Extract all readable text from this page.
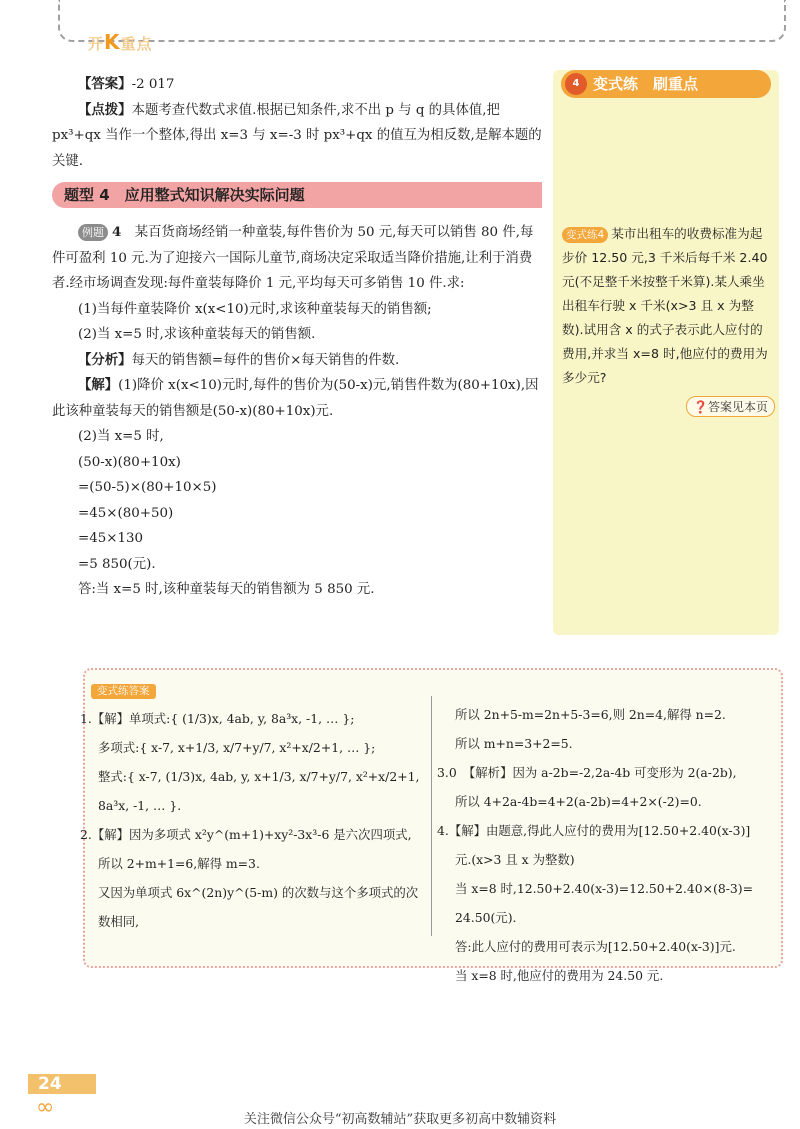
开K重点

【答案】-2 017

【点拨】本题考查代数式求值.根据已知条件,求不出 p 与 q 的具体值,把 px³+qx 当作一个整体,得出 x=3 与 x=-3 时 px³+qx 的值互为相反数,是解本题的关键.

题型 4　应用整式知识解决实际问题

例题 4　 某百货商场经销一种童装,每件售价为 50 元,每天可以销售 80 件,每件可盈利 10 元.为了迎接六一国际儿童节,商场决定采取适当降价措施,让利于消费者.经市场调查发现:每件童装每降价 1 元,平均每天可多销售 10 件.求:

(1)当每件童装降价 x(x<10)元时,求该种童装每天的销售额;

(2)当 x=5 时,求该种童装每天的销售额.

【分析】每天的销售额=每件的售价×每天销售的件数.

【解】(1)降价 x(x<10)元时,每件的售价为(50-x)元,销售件数为(80+10x),因此该种童装每天的销售额是(50-x)(80+10x)元.

(2)当 x=5 时,

(50-x)(80+10x)

=(50-5)×(80+10×5)

=45×(80+50)

=45×130

=5 850(元).

答:当 x=5 时,该种童装每天的销售额为 5 850 元.

4 变式练　刷重点
变式练4 某市出租车的收费标准为起步价 12.50 元,3 千米后每千米 2.40 元(不足整千米按整千米算).某人乘坐出租车行驶 x 千米(x>3 且 x 为整数).试用含 x 的式子表示此人应付的费用,并求当 x=8 时,他应付的费用为多少元?
❓答案见本页
变式练答案

1.【解】单项式:{ (1/3)x, 4ab, y, 8a³x, -1, … };

多项式:{ x-7, x+1/3, x/7+y/7, x²+x/2+1, … };

整式:{ x-7, (1/3)x, 4ab, y, x+1/3, x/7+y/7, x²+x/2+1,

8a³x, -1, … }.

2.【解】因为多项式 x²y^(m+1)+xy²-3x³-6 是六次四项式,

所以 2+m+1=6,解得 m=3.

又因为单项式 6x^(2n)y^(5-m) 的次数与这个多项式的次数相同,

所以 2n+5-m=2n+5-3=6,则 2n=4,解得 n=2.

所以 m+n=3+2=5.

3.0　【解析】因为 a-2b=-2,2a-4b 可变形为 2(a-2b),

所以 4+2a-4b=4+2(a-2b)=4+2×(-2)=0.

4.【解】由题意,得此人应付的费用为[12.50+2.40(x-3)]

元.(x>3 且 x 为整数)

当 x=8 时,12.50+2.40(x-3)=12.50+2.40×(8-3)=

24.50(元).

答:此人应付的费用可表示为[12.50+2.40(x-3)]元.

当 x=8 时,他应付的费用为 24.50 元.

24
∞	关注微信公众号“初高数辅站”获取更多初高中数辅资料
